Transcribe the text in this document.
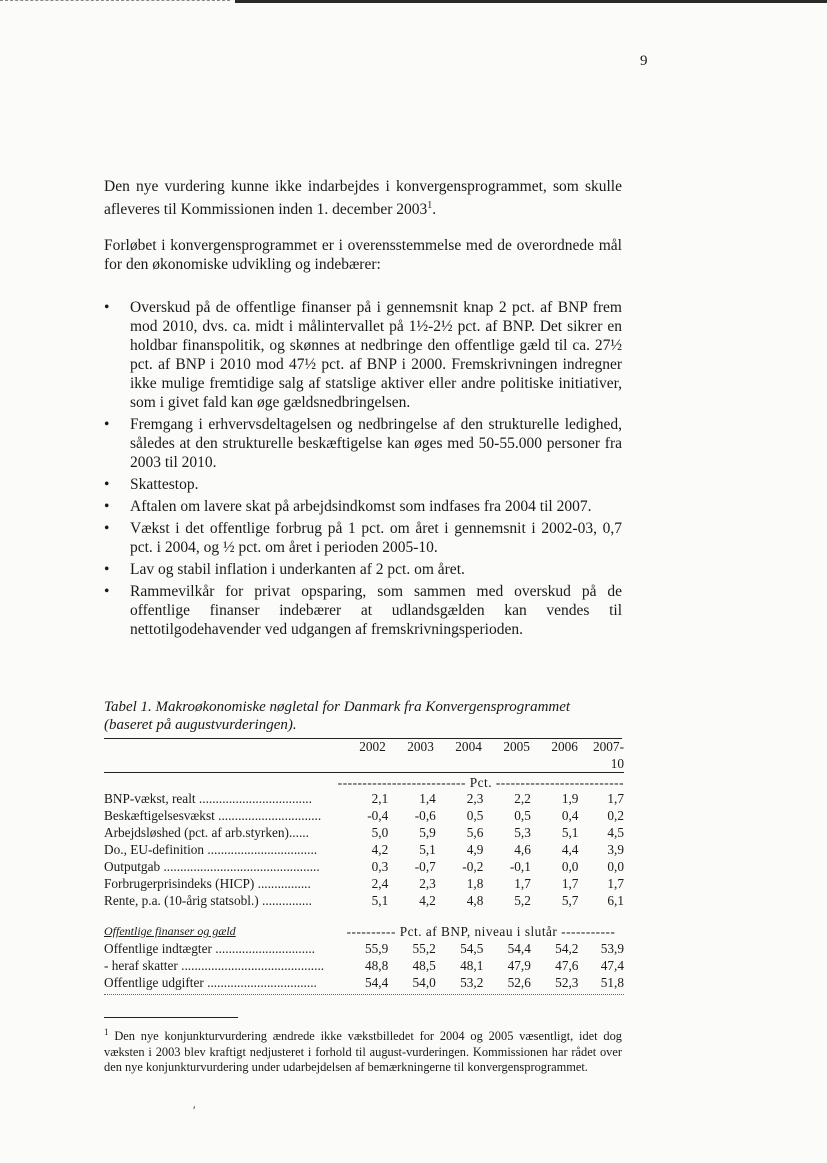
9

Den nye vurdering kunne ikke indarbejdes i konvergensprogrammet, som skulle afleveres til Kommissionen inden 1. december 2003$^1$.

Forløbet i konvergensprogrammet er i overensstemmelse med de overordnede mål for den økonomiske udvikling og indebærer:

• Overskud på de offentlige finanser på i gennemsnit knap 2 pct. af BNP frem mod 2010, dvs. ca. midt i målintervallet på 1½-2½ pct. af BNP. Det sikrer en holdbar finanspolitik, og skønnes at nedbringe den offentlige gæld til ca. 27½ pct. af BNP i 2010 mod 47½ pct. af BNP i 2000. Fremskrivningen indregner ikke mulige fremtidige salg af statslige aktiver eller andre politiske initiativer, som i givet fald kan øge gældsnedbringelsen.
• Fremgang i erhvervsdeltagelsen og nedbringelse af den strukturelle ledighed, således at den strukturelle beskæftigelse kan øges med 50-55.000 personer fra 2003 til 2010.
• Skattestop.
• Aftalen om lavere skat på arbejdsindkomst som indfases fra 2004 til 2007.
• Vækst i det offentlige forbrug på 1 pct. om året i gennemsnit i 2002-03, 0,7 pct. i 2004, og ½ pct. om året i perioden 2005-10.
• Lav og stabil inflation i underkanten af 2 pct. om året.
• Rammevilkår for privat opsparing, som sammen med overskud på de offentlige finanser indebærer at udlandsgælden kan vendes til nettotilgodehavender ved udgangen af fremskrivningsperioden.
Tabel 1. Makroøkonomiske nøgletal for Danmark fra Konvergensprogrammet (baseret på augustvurderingen).
	2002	2003	2004	2005	2006	2007-
						10

	-------------------------- Pct. --------------------------					
BNP-vækst, realt ..................................	2,1	1,4	2,3	2,2	1,9	1,7
Beskæftigelsesvækst ...............................	-0,4	-0,6	0,5	0,5	0,4	0,2
Arbejdsløshed (pct. af arb.styrken)......	5,0	5,9	5,6	5,3	5,1	4,5
Do., EU-definition .................................	4,2	5,1	4,9	4,6	4,4	3,9
Outputgab ...............................................	0,3	-0,7	-0,2	-0,1	0,0	0,0
Forbrugerprisindeks (HICP) ................	2,4	2,3	1,8	1,7	1,7	1,7
Rente, p.a. (10-årig statsobl.) ...............	5,1	4,2	4,8	5,2	5,7	6,1
Offentlige finanser og gæld	---------- Pct. af BNP, niveau i slutår -----------
Offentlige indtægter ..............................	55,9	55,2	54,5	54,4	54,2	53,9
- heraf skatter ...........................................	48,8	48,5	48,1	47,9	47,6	47,4
Offentlige udgifter .................................	54,4	54,0	53,2	52,6	52,3	51,8
$^1$ Den nye konjunkturvurdering ændrede ikke vækstbilledet for 2004 og 2005 væsentligt, idet dog væksten i 2003 blev kraftigt nedjusteret i forhold til august-vurderingen. Kommissionen har rådet over den nye konjunkturvurdering under udarbejdelsen af bemærkningerne til konvergensprogrammet.
′
